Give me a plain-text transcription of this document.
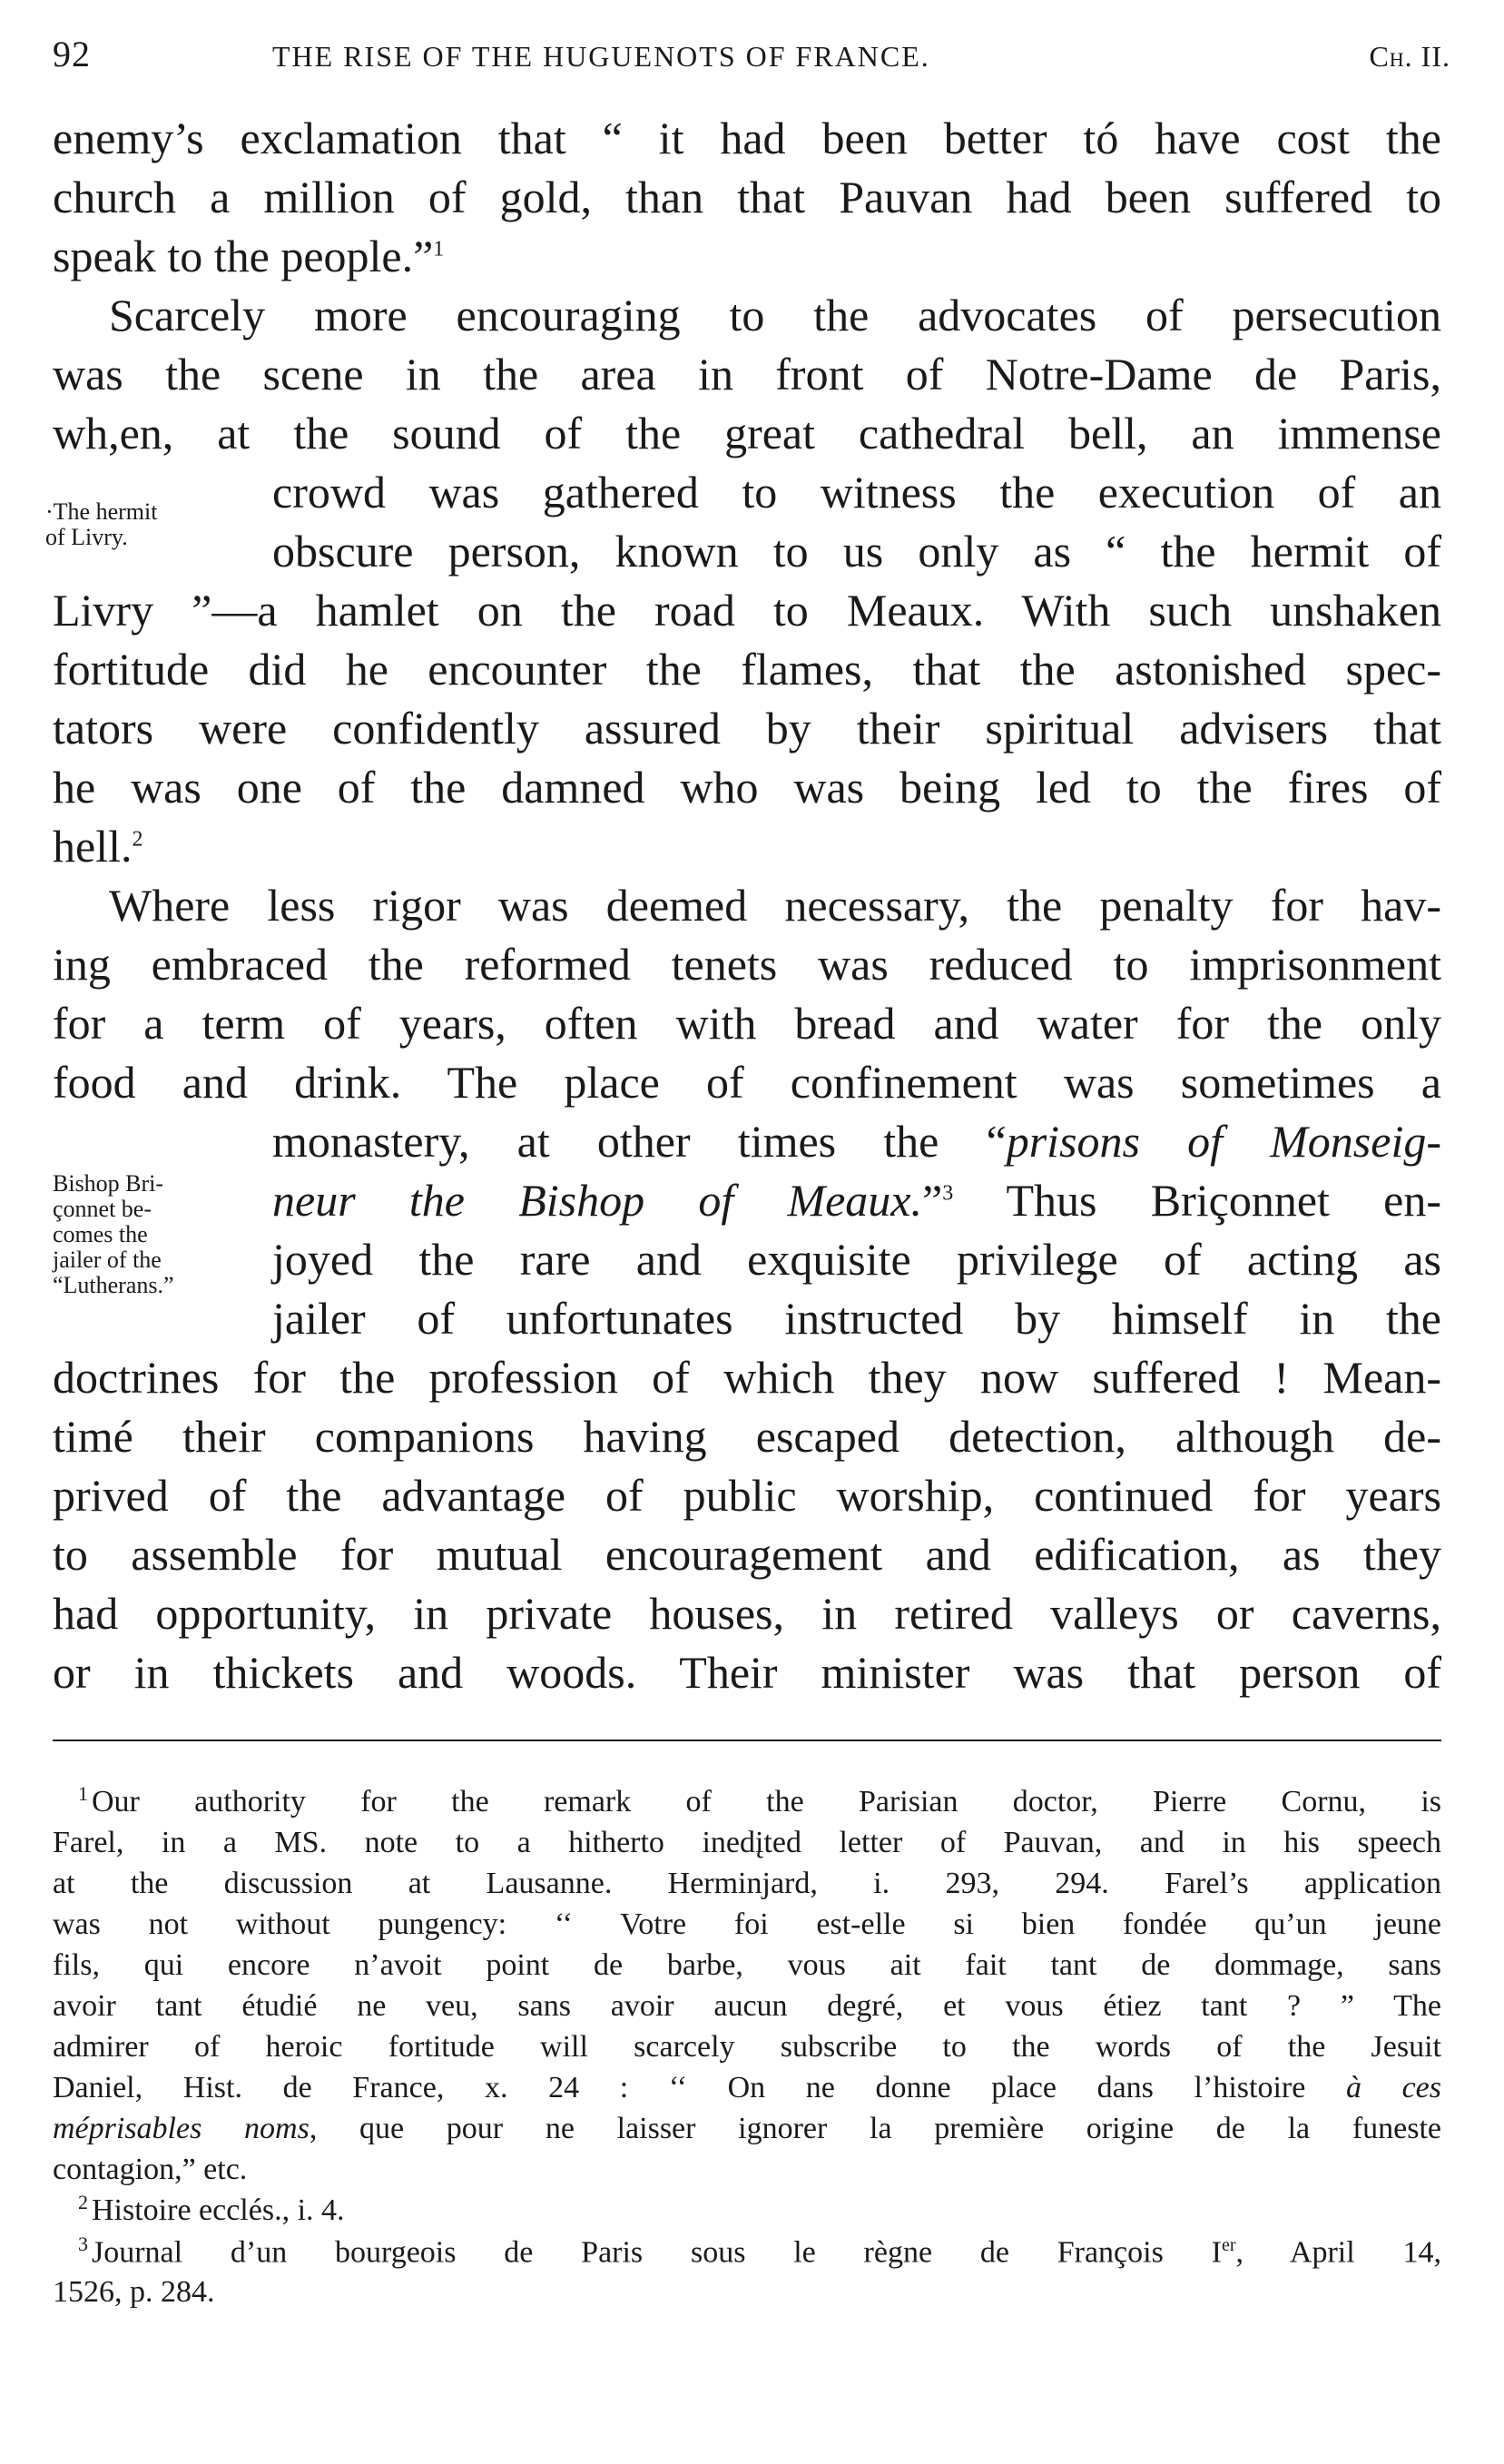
92	THE RISE OF THE HUGUENOTS OF FRANCE.	Ch. II.
enemy’s exclamation that “ it had been better tó have cost the
church a million of gold, than that Pauvan had been suffered to
speak to the people.”$^1$
Scarcely more encouraging to the advocates of persecution
was the scene in the area in front of Notre-Dame de Paris,
wh,en, at the sound of the great cathedral bell, an immense
crowd was gathered to witness the execution of an
obscure person, known to us only as “ the hermit of
Livry ”—a hamlet on the road to Meaux. With such unshaken
fortitude did he encounter the flames, that the astonished spec-
tators were confidently assured by their spiritual advisers that
he was one of the damned who was being led to the fires of
hell.$^2$
·The hermit
of Livry.
Where less rigor was deemed necessary, the penalty for hav-
ing embraced the reformed tenets was reduced to imprisonment
for a term of years, often with bread and water for the only
food and drink. The place of confinement was sometimes a
monastery, at other times the “prisons of Monseig-
neur the Bishop of Meaux.”$^3$ Thus Briçonnet en-
joyed the rare and exquisite privilege of acting as
jailer of unfortunates instructed by himself in the
doctrines for the profession of which they now suffered ! Mean-
timé their companions having escaped detection, although de-
prived of the advantage of public worship, continued for years
to assemble for mutual encouragement and edification, as they
had opportunity, in private houses, in retired valleys or caverns,
or in thickets and woods. Their minister was that person of
Bishop Bri-
çonnet be-
comes the
jailer of the
“Lutherans.”
$^1$ Our authority for the remark of the Parisian doctor, Pierre Cornu, is
Farel, in a MS. note to a hitherto inedįted letter of Pauvan, and in his speech
at the discussion at Lausanne. Herminjard, i. 293, 294. Farel’s application
was not without pungency: ‘‘ Votre foi est-elle si bien fondée qu’un jeune
fils, qui encore n’avoit point de barbe, vous ait fait tant de dommage, sans
avoir tant étudié ne veu, sans avoir aucun degré, et vous étiez tant ? ” The
admirer of heroic fortitude will scarcely subscribe to the words of the Jesuit
Daniel, Hist. de France, x. 24 : ‘‘ On ne donne place dans l’histoire à ces
méprisables noms, que pour ne laisser ignorer la première origine de la funeste
contagion,” etc.
$^2$ Histoire ecclés., i. 4.
$^3$ Journal d’un bourgeois de Paris sous le règne de François Ier, April 14,
1526, p. 284.
